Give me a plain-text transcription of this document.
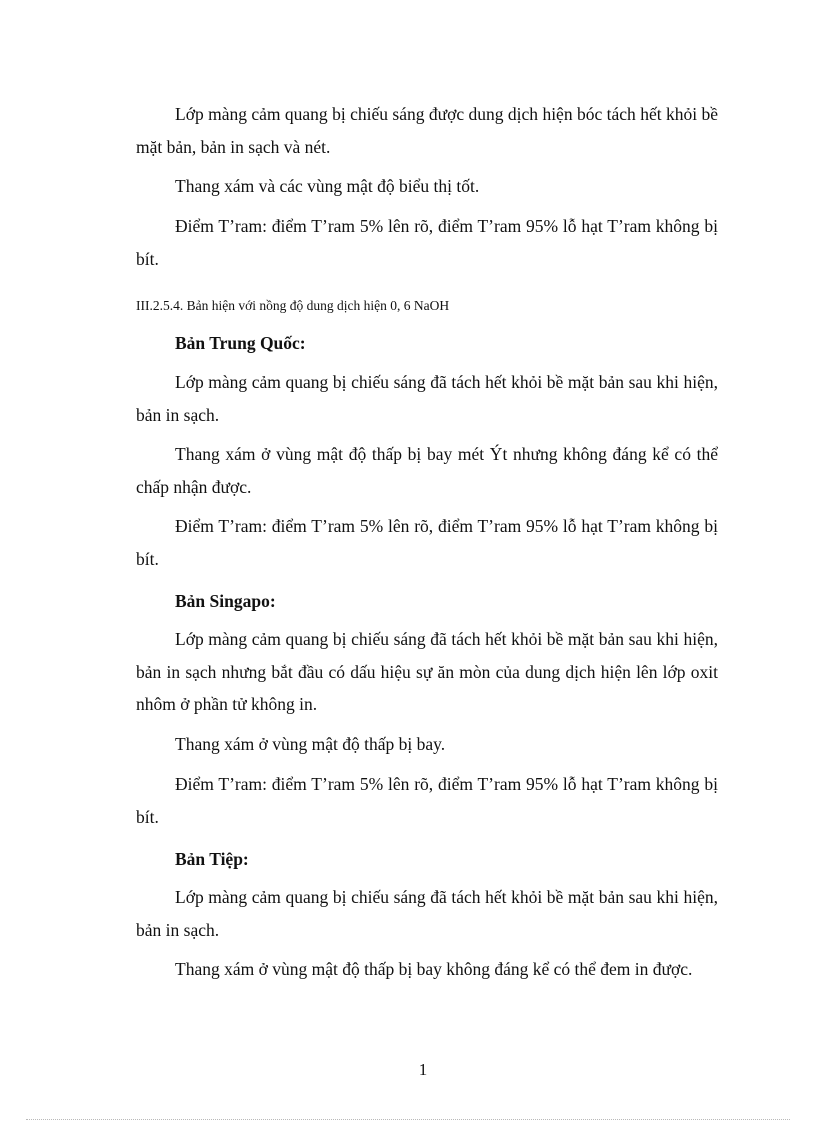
Lớp màng cảm quang bị chiếu sáng được dung dịch hiện bóc tách hết khỏi bề mặt bản, bản in sạch và nét.

Thang xám và các vùng mật độ biểu thị tốt.

Điểm T’ram: điểm T’ram 5% lên rõ, điểm T’ram 95% lỗ hạt T’ram không bị bít.

III.2.5.4. Bản hiện với nồng độ dung dịch hiện 0, 6 NaOH
Bản Trung Quốc:

Lớp màng cảm quang bị chiếu sáng đã tách hết khỏi bề mặt bản sau khi hiện, bản in sạch.

Thang xám ở vùng mật độ thấp bị bay mét Ýt nhưng không đáng kể có thể chấp nhận được.

Điểm T’ram: điểm T’ram 5% lên rõ, điểm T’ram 95% lỗ hạt T’ram không bị bít.

Bản Singapo:

Lớp màng cảm quang bị chiếu sáng đã tách hết khỏi bề mặt bản sau khi hiện, bản in sạch nhưng bắt đầu có dấu hiệu sự ăn mòn của dung dịch hiện lên lớp oxit nhôm ở phần tử không in.

Thang xám ở vùng mật độ thấp bị bay.

Điểm T’ram: điểm T’ram 5% lên rõ, điểm T’ram 95% lỗ hạt T’ram không bị bít.

Bản Tiệp:

Lớp màng cảm quang bị chiếu sáng đã tách hết khỏi bề mặt bản sau khi hiện, bản in sạch.

Thang xám ở vùng mật độ thấp bị bay không đáng kể có thể đem in được.

1
